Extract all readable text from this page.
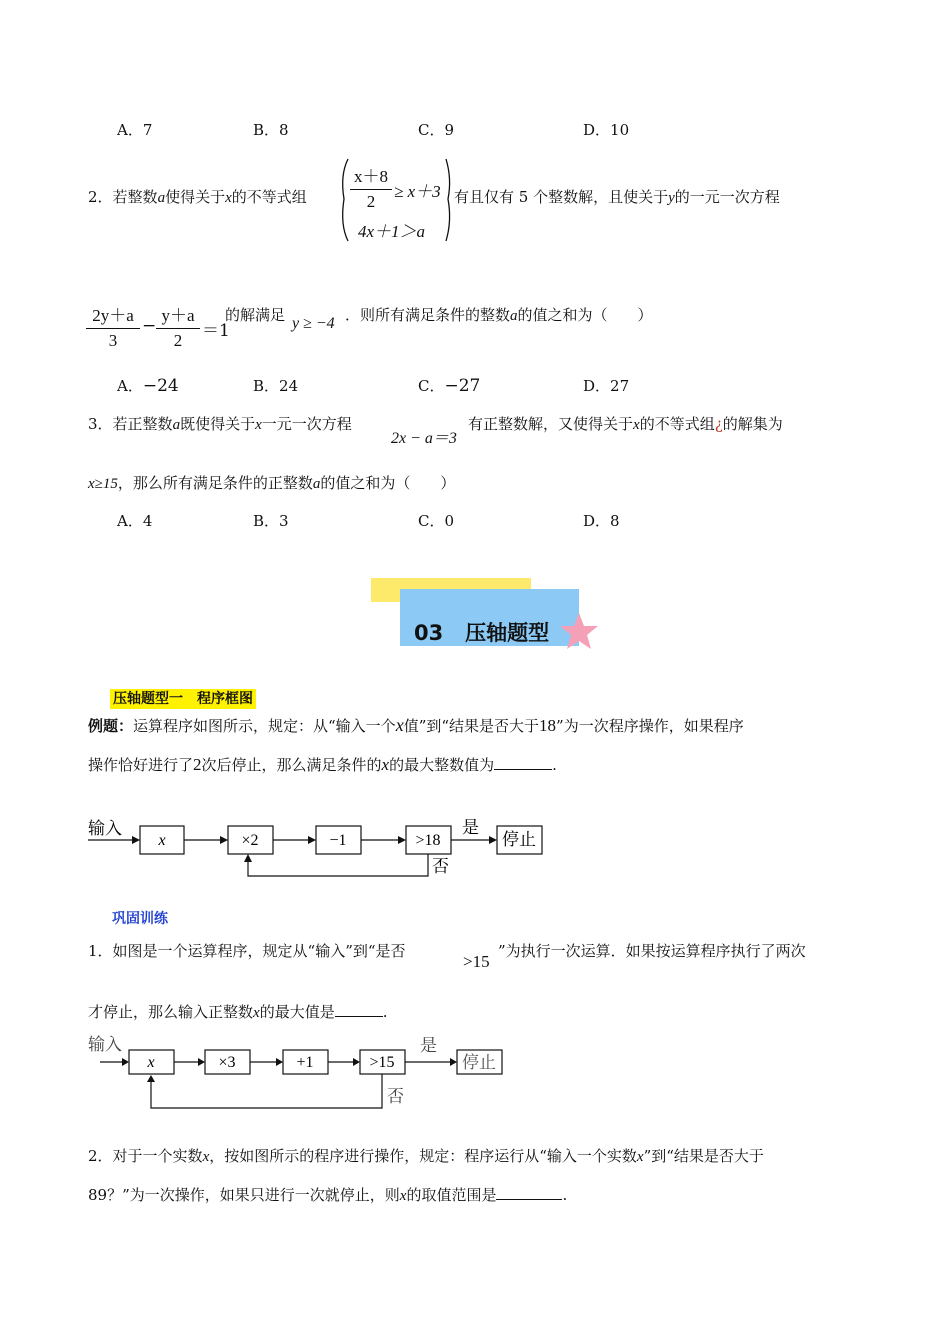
A．7	B．8	C．9	D．10
2．若整数a使得关于x的不等式组
x＋8
2
≥ x＋3
4x＋1＞a
有且仅有 5 个整数解，且使关于y的一元一次方程
2y＋a
3
−
y＋a
2	＝1
的解满足 y ≥ −4 ．则所有满足条件的整数a的值之和为（　　）
A．−24	B．24	C．−27	D．27
3．若正整数a既使得关于x一元一次方程
2x − a＝3
有正整数解，又使得关于x的不等式组¿的解集为
x≥15，那么所有满足条件的正整数a的值之和为（　　）
A．4	B．3	C．0	D．8
03 压轴题型
压轴题型一　程序框图
例题：运算程序如图所示，规定：从“输入一个x值”到“结果是否大于18”为一次程序操作，如果程序
操作恰好进行了2次后停止，那么满足条件的x的最大整数值为	.
输入
x	×2	−1	>18
是
停止
否
巩固训练
1．如图是一个运算程序，规定从“输入”到“是否
>15
”为执行一次运算．如果按运算程序执行了两次
才停止，那么输入正整数x的最大值是	.
输入
x	×3	+1	>15
是
停止
否
2．对于一个实数x，按如图所示的程序进行操作，规定：程序运行从“输入一个实数x”到“结果是否大于
89？”为一次操作，如果只进行一次就停止，则x的取值范围是	.
